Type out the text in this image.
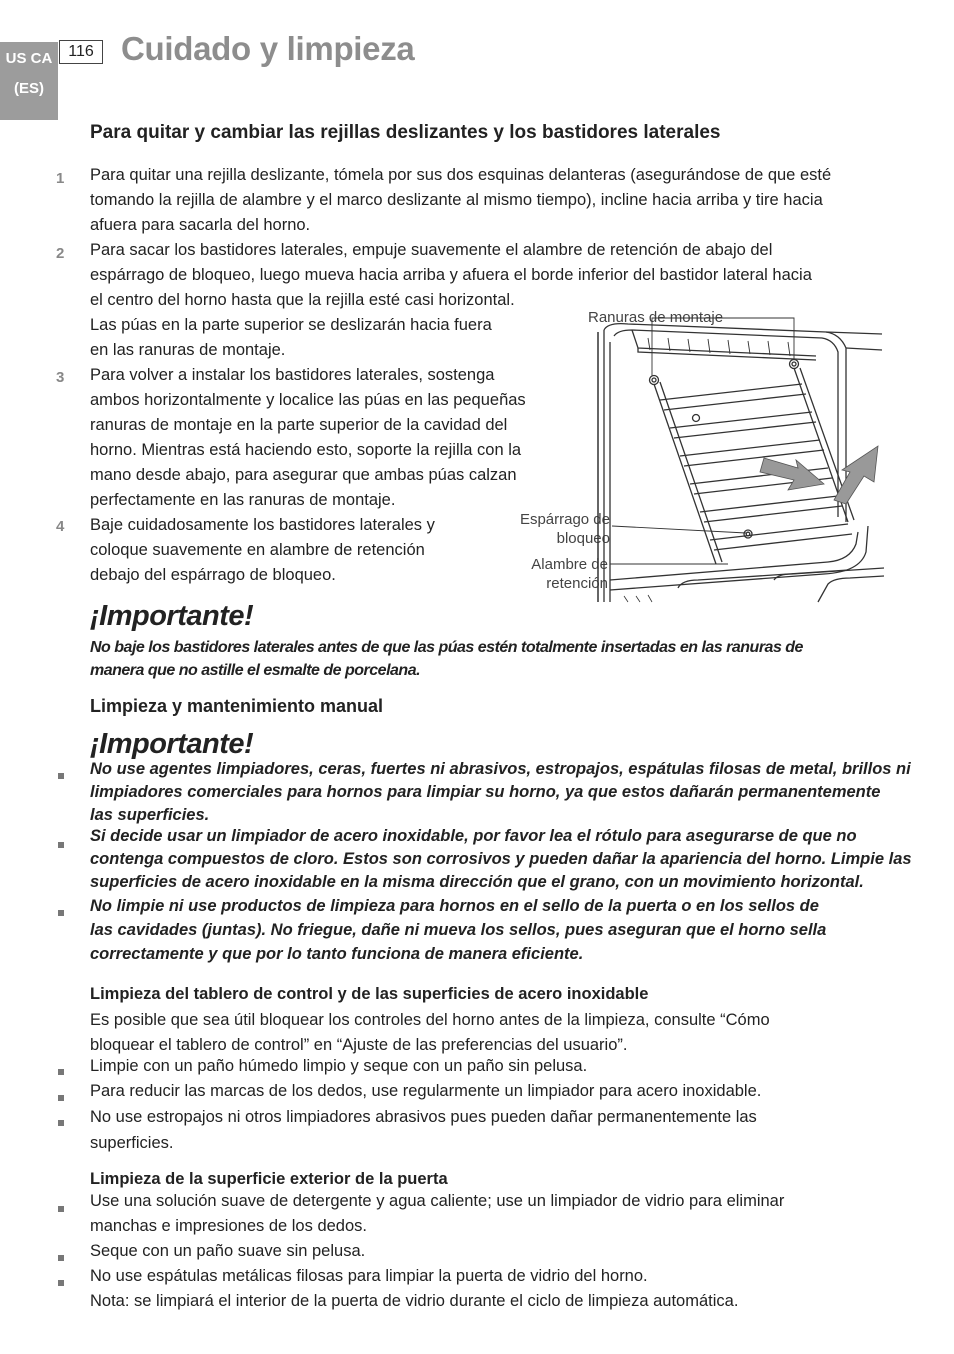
US CA
(ES)
116 Cuidado y limpieza
Para quitar y cambiar las rejillas deslizantes y los bastidores laterales
1
2
3
4
Para quitar una rejilla deslizante, tómela por sus dos esquinas delanteras (asegurándose de que esté
tomando la rejilla de alambre y el marco deslizante al mismo tiempo), incline hacia arriba y tire hacia
afuera para sacarla del horno.
Para sacar los bastidores laterales, empuje suavemente el alambre de retención de abajo del
espárrago de bloqueo, luego mueva hacia arriba y afuera el borde inferior del bastidor lateral hacia
el centro del horno hasta que la rejilla esté casi horizontal.
Las púas en la parte superior se deslizarán hacia fuera
en las ranuras de montaje.
Para volver a instalar los bastidores laterales, sostenga
ambos horizontalmente y localice las púas en las pequeñas
ranuras de montaje en la parte superior de la cavidad del
horno. Mientras está haciendo esto, soporte la rejilla con la
mano desde abajo, para asegurar que ambas púas calzan
perfectamente en las ranuras de montaje.
Baje cuidadosamente los bastidores laterales y
coloque suavemente en alambre de retención
debajo del espárrago de bloqueo.
Ranuras de montaje
Espárrago de
bloqueo
Alambre de
retención
¡Importante!
No baje los bastidores laterales antes de que las púas estén totalmente insertadas en las ranuras de
manera que no astille el esmalte de porcelana.
Limpieza y mantenimiento manual
¡Importante!
No use agentes limpiadores, ceras, fuertes ni abrasivos, estropajos, espátulas filosas de metal, brillos ni
limpiadores comerciales para hornos para limpiar su horno, ya que estos dañarán permanentemente
las superficies.
Si decide usar un limpiador de acero inoxidable, por favor lea el rótulo para asegurarse de que no
contenga compuestos de cloro. Estos son corrosivos y pueden dañar la apariencia del horno. Limpie las
superficies de acero inoxidable en la misma dirección que el grano, con un movimiento horizontal.
No limpie ni use productos de limpieza para hornos en el sello de la puerta o en los sellos de
las cavidades (juntas). No friegue, dañe ni mueva los sellos, pues aseguran que el horno sella
correctamente y que por lo tanto funciona de manera eficiente.
Limpieza del tablero de control y de las superficies de acero inoxidable
Es posible que sea útil bloquear los controles del horno antes de la limpieza, consulte “Cómo
bloquear el tablero de control” en “Ajuste de las preferencias del usuario”.
Limpie con un paño húmedo limpio y seque con un paño sin pelusa.
Para reducir las marcas de los dedos, use regularmente un limpiador para acero inoxidable.
No use estropajos ni otros limpiadores abrasivos pues pueden dañar permanentemente las
superficies.
Limpieza de la superficie exterior de la puerta
Use una solución suave de detergente y agua caliente; use un limpiador de vidrio para eliminar
manchas e impresiones de los dedos.
Seque con un paño suave sin pelusa.
No use espátulas metálicas filosas para limpiar la puerta de vidrio del horno.
Nota: se limpiará el interior de la puerta de vidrio durante el ciclo de limpieza automática.
